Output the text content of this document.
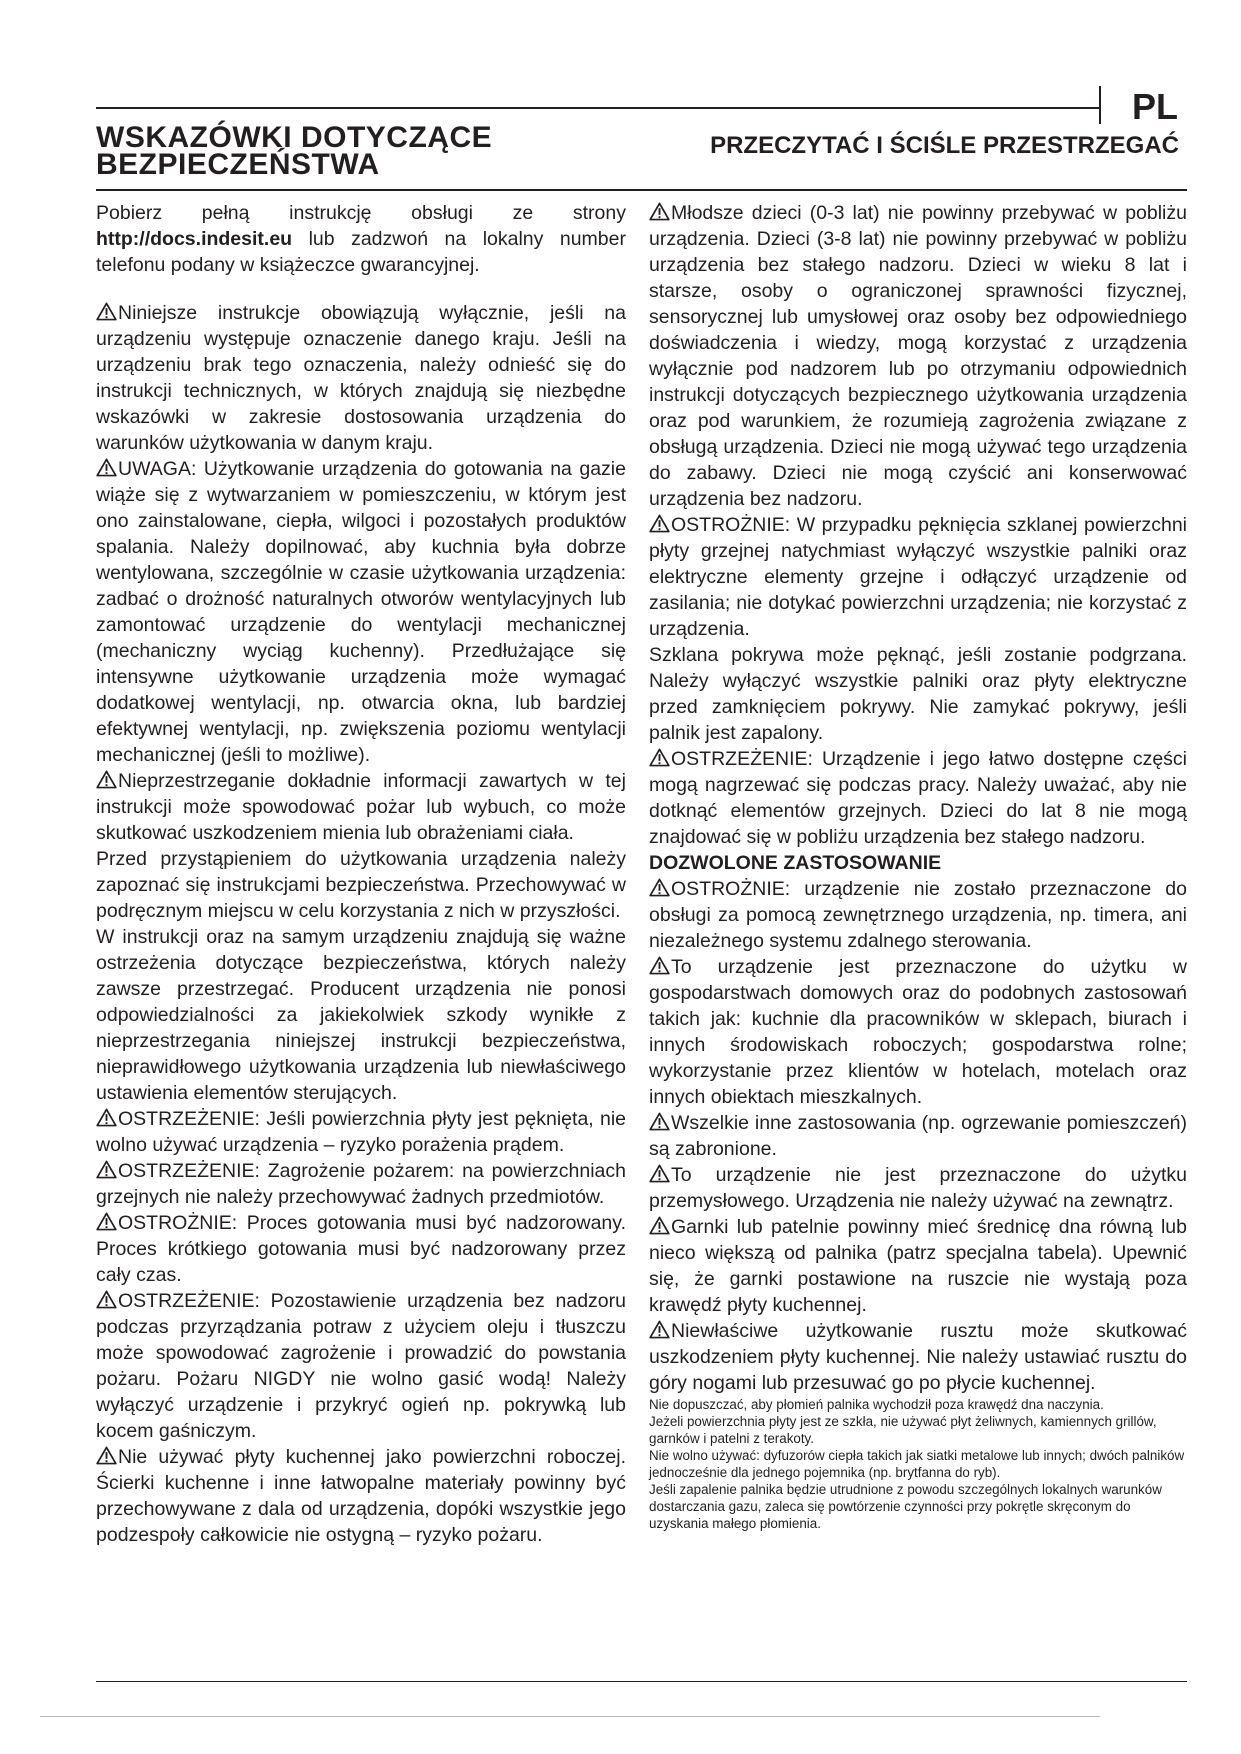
PL
WSKAZÓWKI DOTYCZĄCE
BEZPIECZEŃSTWA
PRZECZYTAĆ I ŚCIŚLE PRZESTRZEGAĆ

Pobierz pełną instrukcję obsługi ze strony http://docs.indesit.eu lub zadzwoń na lokalny number telefonu podany w książeczce gwarancyjnej.

Niniejsze instrukcje obowiązują wyłącznie, jeśli na urządzeniu występuje oznaczenie danego kraju. Jeśli na urządzeniu brak tego oznaczenia, należy odnieść się do instrukcji technicznych, w których znajdują się niezbędne wskazówki w zakresie dostosowania urządzenia do warunków użytkowania w danym kraju.

UWAGA: Użytkowanie urządzenia do gotowania na gazie wiąże się z wytwarzaniem w pomieszczeniu, w którym jest ono zainstalowane, ciepła, wilgoci i pozostałych produktów spalania. Należy dopilnować, aby kuchnia była dobrze wentylowana, szczególnie w czasie użytkowania urządzenia: zadbać o drożność naturalnych otworów wentylacyjnych lub zamontować urządzenie do wentylacji mechanicznej (mechaniczny wyciąg kuchenny). Przedłużające się intensywne użytkowanie urządzenia może wymagać dodatkowej wentylacji, np. otwarcia okna, lub bardziej efektywnej wentylacji, np. zwiększenia poziomu wentylacji mechanicznej (jeśli to możliwe).

Nieprzestrzeganie dokładnie informacji zawartych w tej instrukcji może spowodować pożar lub wybuch, co może skutkować uszkodzeniem mienia lub obrażeniami ciała.

Przed przystąpieniem do użytkowania urządzenia należy zapoznać się instrukcjami bezpieczeństwa. Przechowywać w podręcznym miejscu w celu korzystania z nich w przyszłości.

W instrukcji oraz na samym urządzeniu znajdują się ważne ostrzeżenia dotyczące bezpieczeństwa, których należy zawsze przestrzegać. Producent urządzenia nie ponosi odpowiedzialności za jakiekolwiek szkody wynikłe z nieprzestrzegania niniejszej instrukcji bezpieczeństwa, nieprawidłowego użytkowania urządzenia lub niewłaściwego ustawienia elementów sterujących.

OSTRZEŻENIE: Jeśli powierzchnia płyty jest pęknięta, nie wolno używać urządzenia – ryzyko porażenia prądem.

OSTRZEŻENIE: Zagrożenie pożarem: na powierzchniach grzejnych nie należy przechowywać żadnych przedmiotów.

OSTROŻNIE: Proces gotowania musi być nadzorowany. Proces krótkiego gotowania musi być nadzorowany przez cały czas.

OSTRZEŻENIE: Pozostawienie urządzenia bez nadzoru podczas przyrządzania potraw z użyciem oleju i tłuszczu może spowodować zagrożenie i prowadzić do powstania pożaru. Pożaru NIGDY nie wolno gasić wodą! Należy wyłączyć urządzenie i przykryć ogień np. pokrywką lub kocem gaśniczym.

Nie używać płyty kuchennej jako powierzchni roboczej. Ścierki kuchenne i inne łatwopalne materiały powinny być przechowywane z dala od urządzenia, dopóki wszystkie jego podzespoły całkowicie nie ostygną – ryzyko pożaru.

Młodsze dzieci (0-3 lat) nie powinny przebywać w pobliżu urządzenia. Dzieci (3-8 lat) nie powinny przebywać w pobliżu urządzenia bez stałego nadzoru. Dzieci w wieku 8 lat i starsze, osoby o ograniczonej sprawności fizycznej, sensorycznej lub umysłowej oraz osoby bez odpowiedniego doświadczenia i wiedzy, mogą korzystać z urządzenia wyłącznie pod nadzorem lub po otrzymaniu odpowiednich instrukcji dotyczących bezpiecznego użytkowania urządzenia oraz pod warunkiem, że rozumieją zagrożenia związane z obsługą urządzenia. Dzieci nie mogą używać tego urządzenia do zabawy. Dzieci nie mogą czyścić ani konserwować urządzenia bez nadzoru.

OSTROŻNIE: W przypadku pęknięcia szklanej powierzchni płyty grzejnej natychmiast wyłączyć wszystkie palniki oraz elektryczne elementy grzejne i odłączyć urządzenie od zasilania; nie dotykać powierzchni urządzenia; nie korzystać z urządzenia.

Szklana pokrywa może pęknąć, jeśli zostanie podgrzana. Należy wyłączyć wszystkie palniki oraz płyty elektryczne przed zamknięciem pokrywy. Nie zamykać pokrywy, jeśli palnik jest zapalony.

OSTRZEŻENIE: Urządzenie i jego łatwo dostępne części mogą nagrzewać się podczas pracy. Należy uważać, aby nie dotknąć elementów grzejnych. Dzieci do lat 8 nie mogą znajdować się w pobliżu urządzenia bez stałego nadzoru.

DOZWOLONE ZASTOSOWANIE

OSTROŻNIE: urządzenie nie zostało przeznaczone do obsługi za pomocą zewnętrznego urządzenia, np. timera, ani niezależnego systemu zdalnego sterowania.

To urządzenie jest przeznaczone do użytku w gospodarstwach domowych oraz do podobnych zastosowań takich jak: kuchnie dla pracowników w sklepach, biurach i innych środowiskach roboczych; gospodarstwa rolne; wykorzystanie przez klientów w hotelach, motelach oraz innych obiektach mieszkalnych.

Wszelkie inne zastosowania (np. ogrzewanie pomieszczeń) są zabronione.

To urządzenie nie jest przeznaczone do użytku przemysłowego. Urządzenia nie należy używać na zewnątrz.

Garnki lub patelnie powinny mieć średnicę dna równą lub nieco większą od palnika (patrz specjalna tabela). Upewnić się, że garnki postawione na ruszcie nie wystają poza krawędź płyty kuchennej.

Niewłaściwe użytkowanie rusztu może skutkować uszkodzeniem płyty kuchennej. Nie należy ustawiać rusztu do góry nogami lub przesuwać go po płycie kuchennej.

Nie dopuszczać, aby płomień palnika wychodził poza krawędź dna naczynia.

Jeżeli powierzchnia płyty jest ze szkła, nie używać płyt żeliwnych, kamiennych grillów, garnków i patelni z terakoty.

Nie wolno używać: dyfuzorów ciepła takich jak siatki metalowe lub innych; dwóch palników jednocześnie dla jednego pojemnika (np. brytfanna do ryb).

Jeśli zapalenie palnika będzie utrudnione z powodu szczególnych lokalnych warunków dostarczania gazu, zaleca się powtórzenie czynności przy pokrętle skręconym do uzyskania małego płomienia.
